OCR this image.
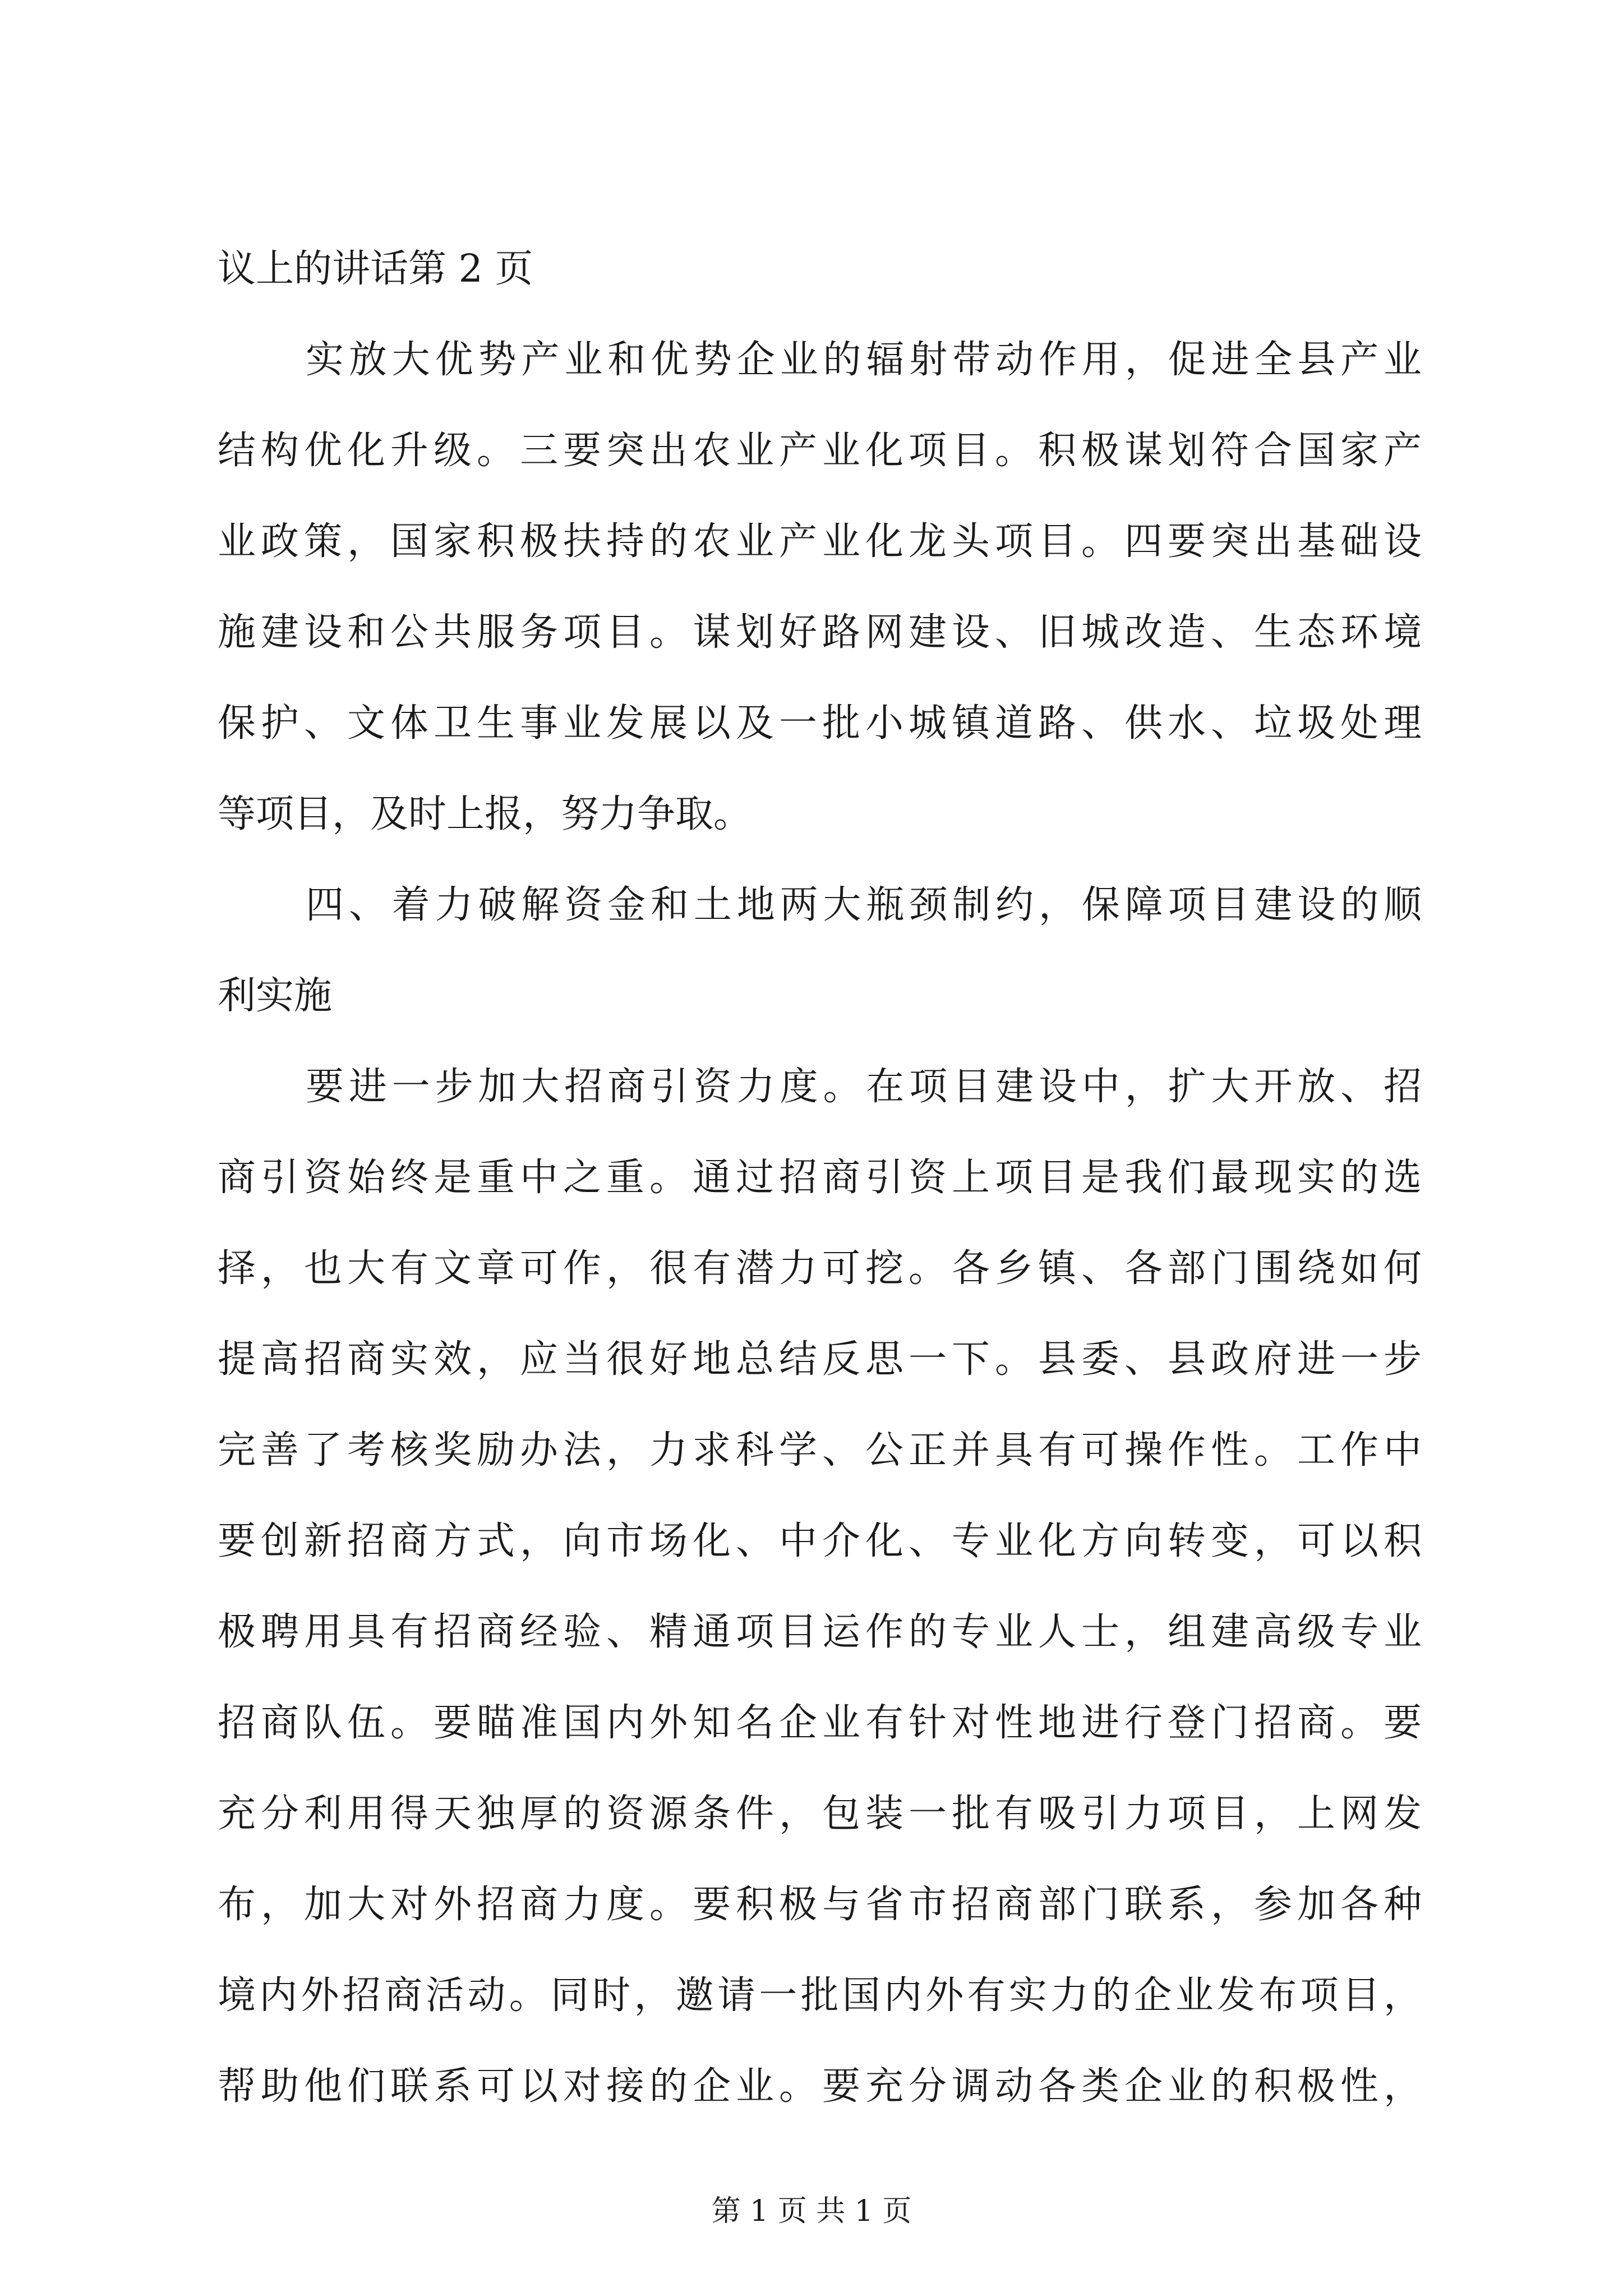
议上的讲话第 2 页
实放大优势产业和优势企业的辐射带动作用，促进全县产业
结构优化升级。三要突出农业产业化项目。积极谋划符合国家产
业政策，国家积极扶持的农业产业化龙头项目。四要突出基础设
施建设和公共服务项目。谋划好路网建设、旧城改造、生态环境
保护、文体卫生事业发展以及一批小城镇道路、供水、垃圾处理
等项目，及时上报，努力争取。
四、着力破解资金和土地两大瓶颈制约，保障项目建设的顺
利实施
要进一步加大招商引资力度。在项目建设中，扩大开放、招
商引资始终是重中之重。通过招商引资上项目是我们最现实的选
择，也大有文章可作，很有潜力可挖。各乡镇、各部门围绕如何
提高招商实效，应当很好地总结反思一下。县委、县政府进一步
完善了考核奖励办法，力求科学、公正并具有可操作性。工作中
要创新招商方式，向市场化、中介化、专业化方向转变，可以积
极聘用具有招商经验、精通项目运作的专业人士，组建高级专业
招商队伍。要瞄准国内外知名企业有针对性地进行登门招商。要
充分利用得天独厚的资源条件，包装一批有吸引力项目，上网发
布，加大对外招商力度。要积极与省市招商部门联系，参加各种
境内外招商活动。同时，邀请一批国内外有实力的企业发布项目，
帮助他们联系可以对接的企业。要充分调动各类企业的积极性，
第 1 页 共 1 页
